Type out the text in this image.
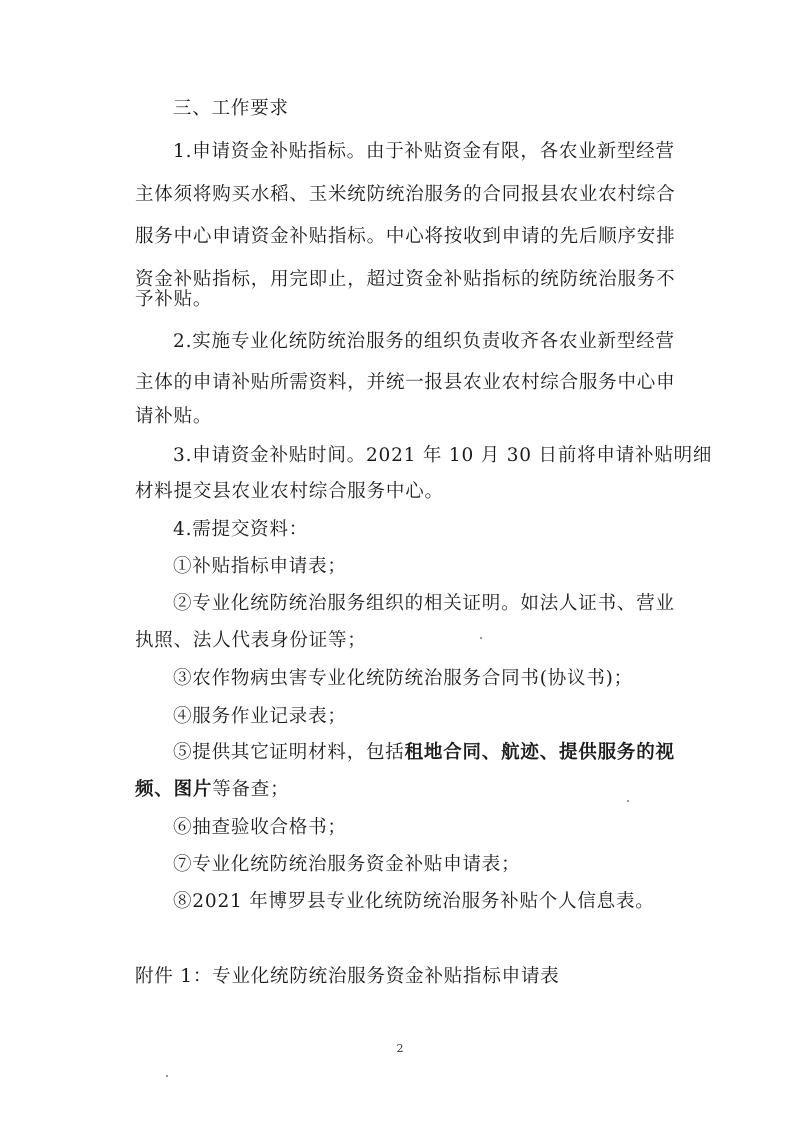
三、工作要求
1.申请资金补贴指标。由于补贴资金有限，各农业新型经营
主体须将购买水稻、玉米统防统治服务的合同报县农业农村综合
服务中心申请资金补贴指标。中心将按收到申请的先后顺序安排
资金补贴指标，用完即止，超过资金补贴指标的统防统治服务不
予补贴。
2.实施专业化统防统治服务的组织负责收齐各农业新型经营
主体的申请补贴所需资料，并统一报县农业农村综合服务中心申
请补贴。
3.申请资金补贴时间。2021 年 10 月 30 日前将申请补贴明细
材料提交县农业农村综合服务中心。
4.需提交资料：
①补贴指标申请表；
②专业化统防统治服务组织的相关证明。如法人证书、营业
执照、法人代表身份证等；
③农作物病虫害专业化统防统治服务合同书(协议书)；
④服务作业记录表；
⑤提供其它证明材料，包括租地合同、航迹、提供服务的视
频、图片等备查；
⑥抽查验收合格书；
⑦专业化统防统治服务资金补贴申请表；
⑧2021 年博罗县专业化统防统治服务补贴个人信息表。
附件 1：专业化统防统治服务资金补贴指标申请表
2
